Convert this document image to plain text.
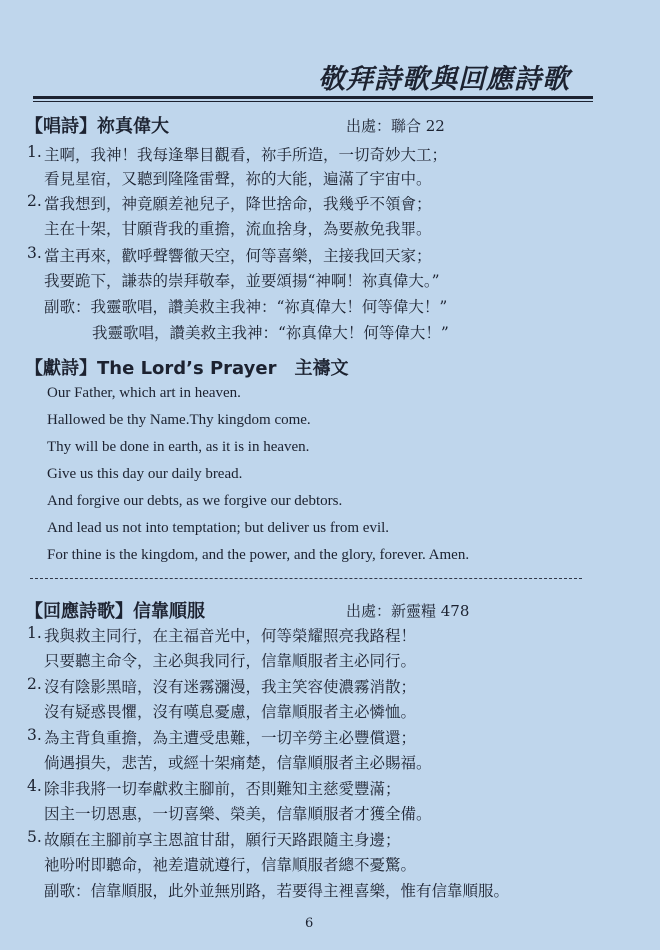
敬拜詩歌與回應詩歌
【唱詩】祢真偉大	出處：聯合 22
1. 主啊，我神！我每逢舉目觀看，祢手所造，一切奇妙大工；
看見星宿，又聽到隆隆雷聲，祢的大能，遍滿了宇宙中。
2. 當我想到，神竟願差祂兒子，降世捨命，我幾乎不領會；
主在十架，甘願背我的重擔，流血捨身，為要赦免我罪。
3. 當主再來，歡呼聲響徹天空，何等喜樂，主接我回天家；
我要跪下，謙恭的崇拜敬奉，並要頌揚“神啊！祢真偉大。”
副歌：我靈歌唱，讚美救主我神：“祢真偉大！何等偉大！”
我靈歌唱，讚美救主我神：“祢真偉大！何等偉大！”
【獻詩】The Lord’s Prayer　主禱文
Our Father, which art in heaven.
Hallowed be thy Name.Thy kingdom come.
Thy will be done in earth, as it is in heaven.
Give us this day our daily bread.
And forgive our debts, as we forgive our debtors.
And lead us not into temptation; but deliver us from evil.
For thine is the kingdom, and the power, and the glory, forever. Amen.
【回應詩歌】信靠順服	出處：新靈糧 478
1. 我與救主同行，在主福音光中，何等榮耀照亮我路程！
只要聽主命令，主必與我同行，信靠順服者主必同行。
2. 沒有陰影黑暗，沒有迷霧瀰漫，我主笑容使濃霧消散；
沒有疑惑畏懼，沒有嘆息憂慮，信靠順服者主必憐恤。
3. 為主背負重擔，為主遭受患難，一切辛勞主必豐償還；
倘遇損失，悲苦，或經十架痛楚，信靠順服者主必賜福。
4. 除非我將一切奉獻救主腳前，否則難知主慈愛豐滿；
因主一切恩惠，一切喜樂、榮美，信靠順服者才獲全備。
5. 故願在主腳前享主恩誼甘甜，願行天路跟隨主身邊；
祂吩咐即聽命，祂差遣就遵行，信靠順服者總不憂驚。
副歌：信靠順服，此外並無別路，若要得主裡喜樂，惟有信靠順服。
6
